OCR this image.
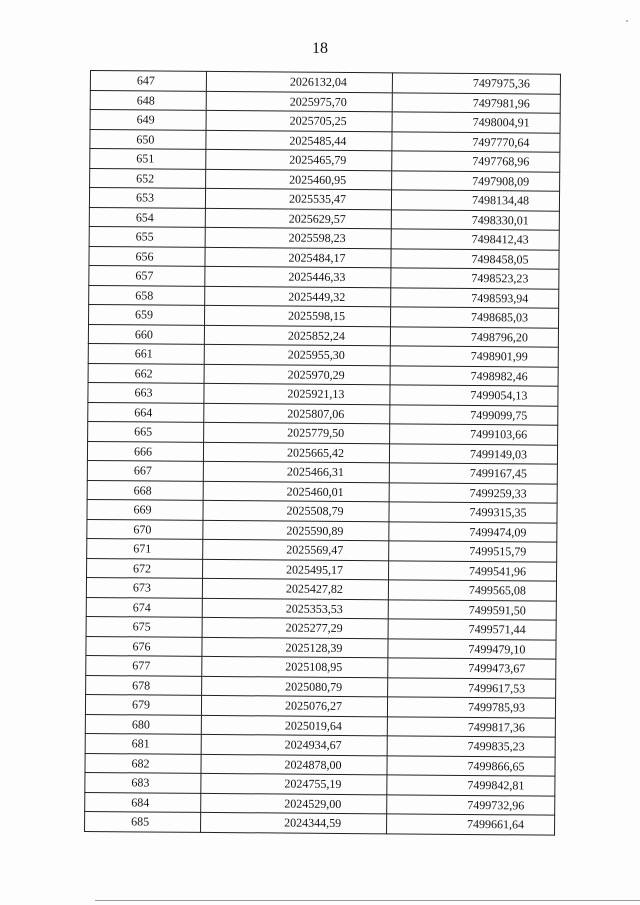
18
647	2026132,04	7497975,36
648	2025975,70	7497981,96
649	2025705,25	7498004,91
650	2025485,44	7497770,64
651	2025465,79	7497768,96
652	2025460,95	7497908,09
653	2025535,47	7498134,48
654	2025629,57	7498330,01
655	2025598,23	7498412,43
656	2025484,17	7498458,05
657	2025446,33	7498523,23
658	2025449,32	7498593,94
659	2025598,15	7498685,03
660	2025852,24	7498796,20
661	2025955,30	7498901,99
662	2025970,29	7498982,46
663	2025921,13	7499054,13
664	2025807,06	7499099,75
665	2025779,50	7499103,66
666	2025665,42	7499149,03
667	2025466,31	7499167,45
668	2025460,01	7499259,33
669	2025508,79	7499315,35
670	2025590,89	7499474,09
671	2025569,47	7499515,79
672	2025495,17	7499541,96
673	2025427,82	7499565,08
674	2025353,53	7499591,50
675	2025277,29	7499571,44
676	2025128,39	7499479,10
677	2025108,95	7499473,67
678	2025080,79	7499617,53
679	2025076,27	7499785,93
680	2025019,64	7499817,36
681	2024934,67	7499835,23
682	2024878,00	7499866,65
683	2024755,19	7499842,81
684	2024529,00	7499732,96
685	2024344,59	7499661,64
